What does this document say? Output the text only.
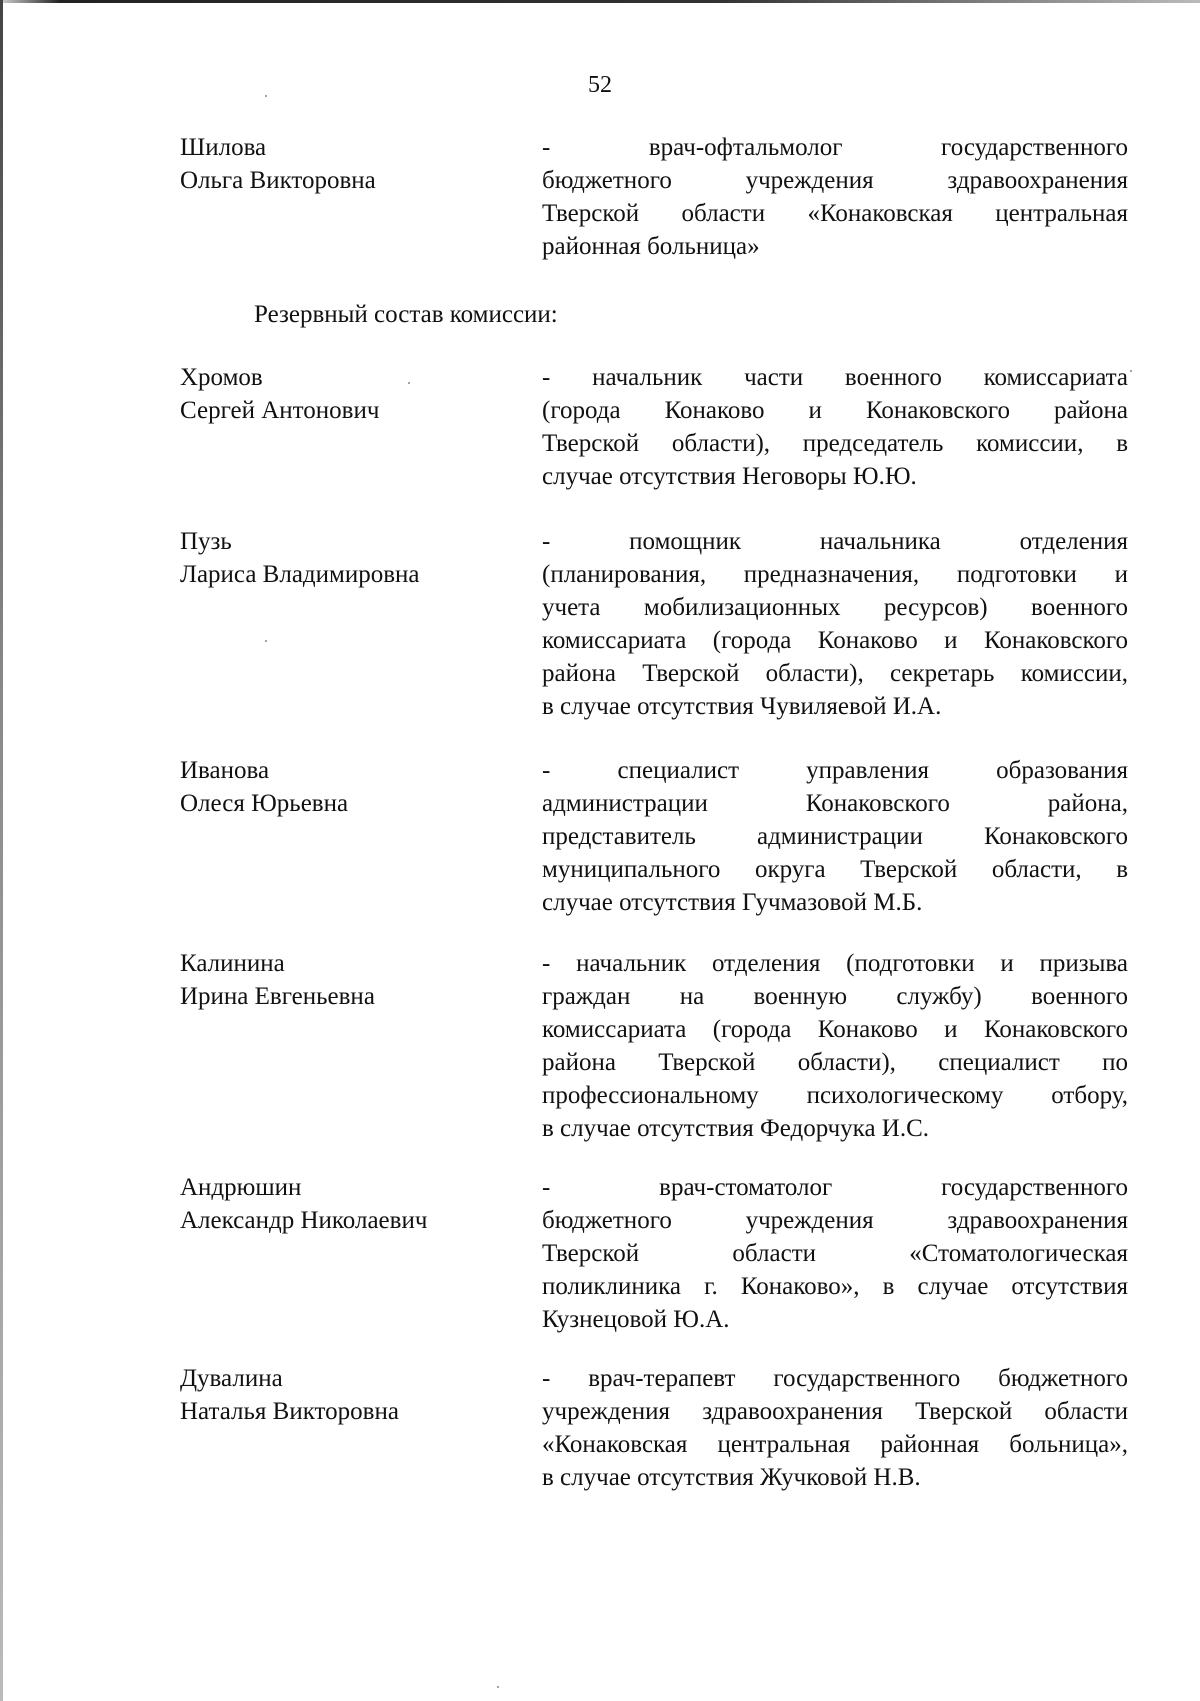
52
Шилова
Ольга Викторовна
- врач-офтальмолог государственного
бюджетного учреждения здравоохранения
Тверской области «Конаковская центральная
районная больница»
Резервный состав комиссии:
Хромов
Сергей Антонович
- начальник части военного комиссариата
(города Конаково и Конаковского района
Тверской области), председатель комиссии, в
случае отсутствия Неговоры Ю.Ю.
Пузь
Лариса Владимировна
- помощник начальника отделения
(планирования, предназначения, подготовки и
учета мобилизационных ресурсов) военного
комиссариата (города Конаково и Конаковского
района Тверской области), секретарь комиссии,
в случае отсутствия Чувиляевой И.А.
Иванова
Олеся Юрьевна
- специалист управления образования
администрации Конаковского района,
представитель администрации Конаковского
муниципального округа Тверской области, в
случае отсутствия Гучмазовой М.Б.
Калинина
Ирина Евгеньевна
- начальник отделения (подготовки и призыва
граждан на военную службу) военного
комиссариата (города Конаково и Конаковского
района Тверской области), специалист по
профессиональному психологическому отбору,
в случае отсутствия Федорчука И.С.
Андрюшин
Александр Николаевич
- врач-стоматолог государственного
бюджетного учреждения здравоохранения
Тверской области «Стоматологическая
поликлиника г. Конаково», в случае отсутствия
Кузнецовой Ю.А.
Дувалина
Наталья Викторовна
- врач-терапевт государственного бюджетного
учреждения здравоохранения Тверской области
«Конаковская центральная районная больница»,
в случае отсутствия Жучковой Н.В.
